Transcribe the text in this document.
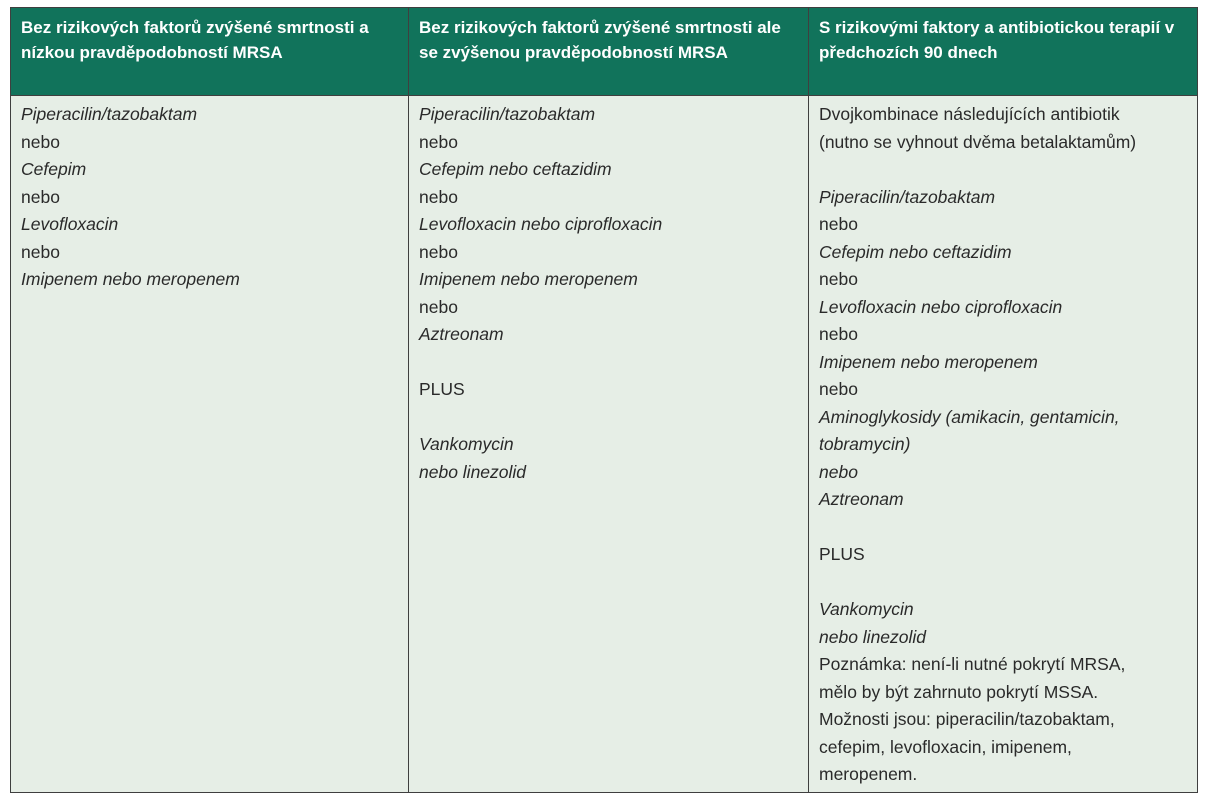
Bez rizikových faktorů zvýšené smrtnosti a nízkou pravděpodobností MRSA
Bez rizikových faktorů zvýšené smrtnosti ale se zvýšenou pravděpodobností MRSA
S rizikovými faktory a antibiotickou terapií v předchozích 90 dnech
Piperacilin/tazobaktam
nebo
Cefepim
nebo
Levofloxacin
nebo
Imipenem nebo meropenem
Piperacilin/tazobaktam
nebo
Cefepim nebo ceftazidim
nebo
Levofloxacin nebo ciprofloxacin
nebo
Imipenem nebo meropenem
nebo
Aztreonam
PLUS
Vankomycin
nebo linezolid
Dvojkombinace následujících antibiotik
(nutno se vyhnout dvěma betalaktamům)
Piperacilin/tazobaktam
nebo
Cefepim nebo ceftazidim
nebo
Levofloxacin nebo ciprofloxacin
nebo
Imipenem nebo meropenem
nebo
Aminoglykosidy (amikacin, gentamicin,
tobramycin)
nebo
Aztreonam
PLUS
Vankomycin
nebo linezolid
Poznámka: není-li nutné pokrytí MRSA,
mělo by být zahrnuto pokrytí MSSA.
Možnosti jsou: piperacilin/tazobaktam,
cefepim, levofloxacin, imipenem,
meropenem.
